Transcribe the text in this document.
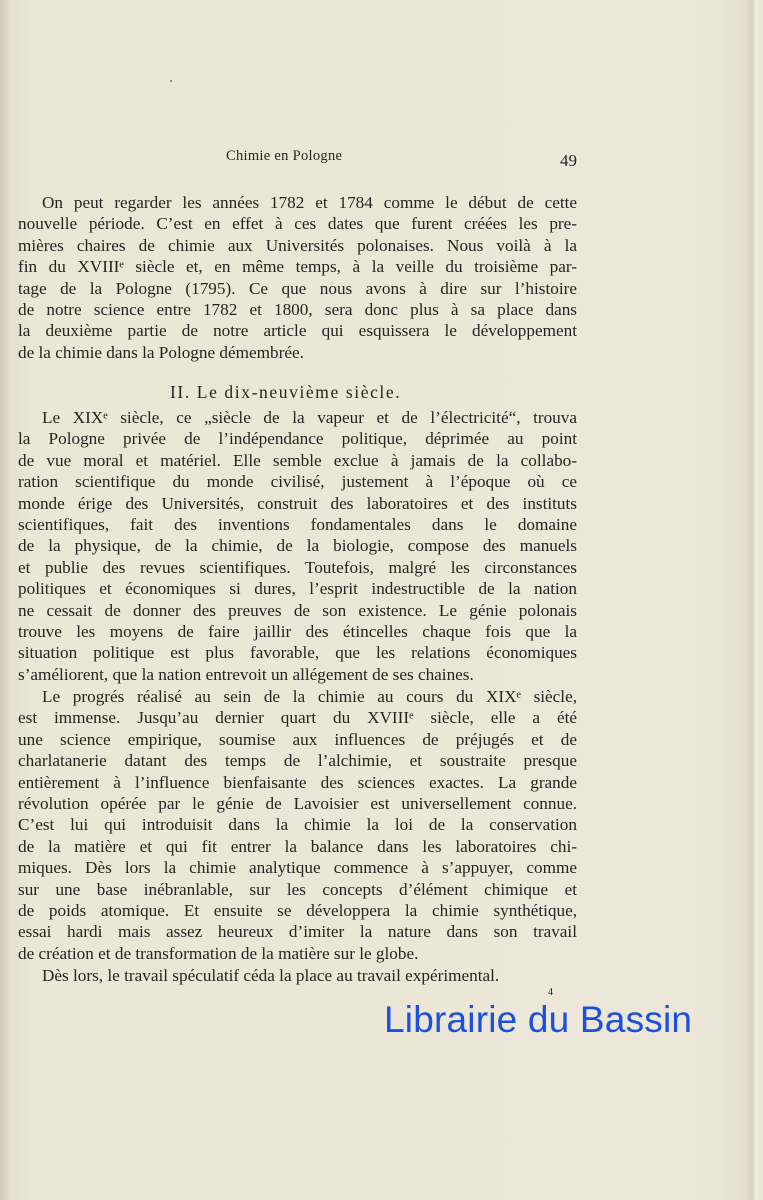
Chimie en Pologne	49
On peut regarder les années 1782 et 1784 comme le début de cette
nouvelle période. C’est en effet à ces dates que furent créées les pre-
mières chaires de chimie aux Universités polonaises. Nous voilà à la
fin du XVIIIᵉ siècle et, en même temps, à la veille du troisième par-
tage de la Pologne (1795). Ce que nous avons à dire sur l’histoire
de notre science entre 1782 et 1800, sera donc plus à sa place dans
la deuxième partie de notre article qui esquissera le développement
de la chimie dans la Pologne démembrée.
II. Le dix-neuvième siècle.
Le XIXᵉ siècle, ce „siècle de la vapeur et de l’électricité“, trouva
la Pologne privée de l’indépendance politique, déprimée au point
de vue moral et matériel. Elle semble exclue à jamais de la collabo-
ration scientifique du monde civilisé, justement à l’époque où ce
monde érige des Universités, construit des laboratoires et des instituts
scientifiques, fait des inventions fondamentales dans le domaine
de la physique, de la chimie, de la biologie, compose des manuels
et publie des revues scientifiques. Toutefois, malgré les circonstances
politiques et économiques si dures, l’esprit indestructible de la nation
ne cessait de donner des preuves de son existence. Le génie polonais
trouve les moyens de faire jaillir des étincelles chaque fois que la
situation politique est plus favorable, que les relations économiques
s’améliorent, que la nation entrevoit un allégement de ses chaines.
Le progrés réalisé au sein de la chimie au cours du XIXᵉ siècle,
est immense. Jusqu’au dernier quart du XVIIIᵉ siècle, elle a été
une science empirique, soumise aux influences de préjugés et de
charlatanerie datant des temps de l’alchimie, et soustraite presque
entièrement à l’influence bienfaisante des sciences exactes. La grande
révolution opérée par le génie de Lavoisier est universellement connue.
C’est lui qui introduisit dans la chimie la loi de la conservation
de la matière et qui fit entrer la balance dans les laboratoires chi-
miques. Dès lors la chimie analytique commence à s’appuyer, comme
sur une base inébranlable, sur les concepts d’élément chimique et
de poids atomique. Et ensuite se développera la chimie synthétique,
essai hardi mais assez heureux d’imiter la nature dans son travail
de création et de transformation de la matière sur le globe.
Dès lors, le travail spéculatif céda la place au travail expérimental.
4
Librairie du Bassin
